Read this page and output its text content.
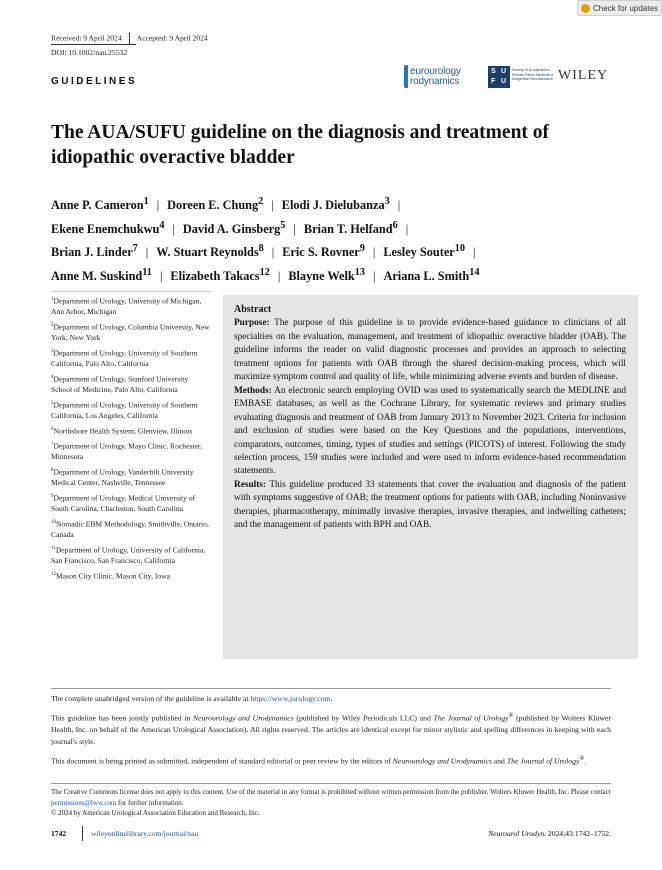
Check for updates
Received: 9 April 2024 Accepted: 9 April 2024
DOI: 10.1002/nau.25532
GUIDELINES
eurourology
rodynamics
S U
F U
Society of Urodynamics, Female Pelvic Medicine & Urogenital Reconstruction WILEY
The AUA/SUFU guideline on the diagnosis and treatment of idiopathic overactive bladder
Anne P. Cameron$^1$ | Doreen E. Chung$^2$ | Elodi J. Dielubanza$^3$ |
Ekene Enemchukwu$^4$ | David A. Ginsberg$^5$ | Brian T. Helfand$^6$ |
Brian J. Linder$^7$ | W. Stuart Reynolds$^8$ | Eric S. Rovner$^9$ | Lesley Souter$^{10}$ |
Anne M. Suskind$^{11}$ | Elizabeth Takacs$^{12}$ | Blayne Welk$^{13}$ | Ariana L. Smith$^{14}$
$^1$Department of Urology, University of Michigan, Ann Arbor, Michigan
$^2$Department of Urology, Columbia University, New York, New York
$^3$Department of Urology, University of Southern California, Palo Alto, California
$^4$Department of Urology, Stanford University School of Medicine, Palo Alto, California
$^5$Department of Urology, University of Southern California, Los Angeles, California
$^6$Northshore Health System, Glenview, Illinois
$^7$Department of Urology, Mayo Clinic, Rochester, Minnesota
$^8$Department of Urology, Vanderbilt University Medical Center, Nashville, Tennessee
$^9$Department of Urology, Medical University of South Carolina, Charleston, South Carolina
$^{10}$Nomadic EBM Methodology, Smithville, Ontario, Canada
$^{11}$Department of Urology, University of California, San Francisco, San Francisco, California
$^{12}$Mason City Clinic, Mason City, Iowa
Abstract

Purpose: The purpose of this guideline is to provide evidence-based guidance to clinicians of all specialties on the evaluation, management, and treatment of idiopathic overactive bladder (OAB). The guideline informs the reader on valid diagnostic processes and provides an approach to selecting treatment options for patients with OAB through the shared decision-making process, which will maximize symptom control and quality of life, while minimizing adverse events and burden of disease.

Methods: An electronic search employing OVID was used to systematically search the MEDLINE and EMBASE databases, as well as the Cochrane Library, for systematic reviews and primary studies evaluating diagnosis and treatment of OAB from January 2013 to November 2023. Criteria for inclusion and exclusion of studies were based on the Key Questions and the populations, interventions, comparators, outcomes, timing, types of studies and settings (PICOTS) of interest. Following the study selection process, 159 studies were included and were used to inform evidence-based recommendation statements.

Results: This guideline produced 33 statements that cover the evaluation and diagnosis of the patient with symptoms suggestive of OAB; the treatment options for patients with OAB, including Noninvasive therapies, pharmacotherapy, minimally invasive therapies, invasive therapies, and indwelling catheters; and the management of patients with BPH and OAB.

The complete unabridged version of the guideline is available at https://www.jurology.com.

This guideline has been jointly published in Neurourology and Urodynamics (published by Wiley Periodicals LLC) and The Journal of Urology® (published by Wolters Kluwer Health, Inc. on behalf of the American Urological Association). All rights reserved. The articles are identical except for minor stylistic and spelling differences in keeping with each journal's style.

This document is being printed as submitted, independent of standard editorial or peer review by the editors of Neurourology and Urodynamics and The Journal of Urology®.

The Creative Commons license does not apply to this content. Use of the material in any format is prohibited without written permission from the publisher, Wolters Kluwer Health, Inc. Please contact permissions@lww.com for further information.
© 2024 by American Urological Association Education and Research, Inc.
1742	wileyonlinelibrary.com/journal/nau	Neurourol Urodyn. 2024;43:1742–1752.
